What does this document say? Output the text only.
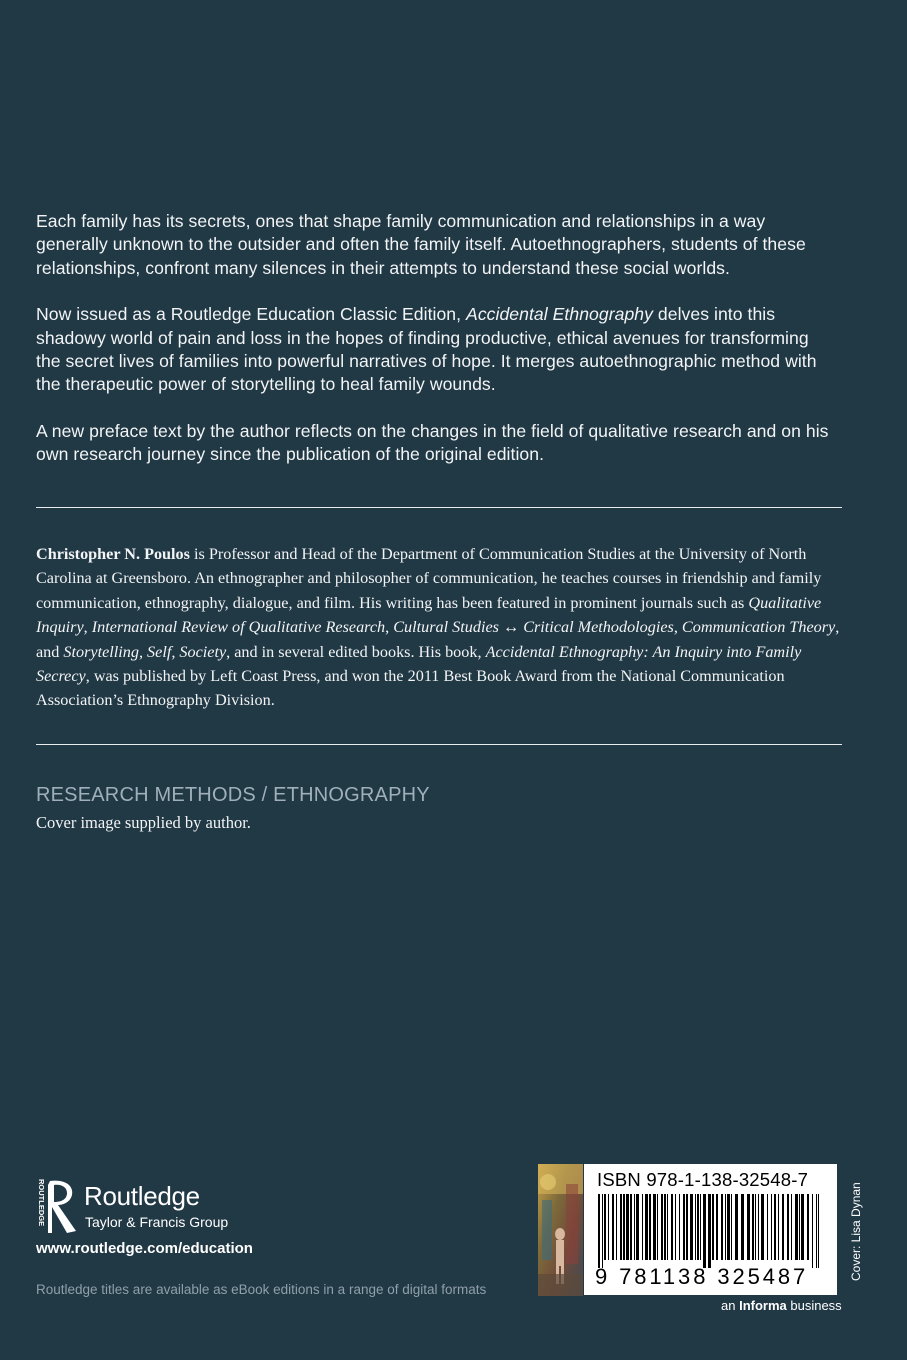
Each family has its secrets, ones that shape family communication and relationships in a way generally unknown to the outsider and often the family itself. Autoethnographers, students of these relationships, confront many silences in their attempts to understand these social worlds.

Now issued as a Routledge Education Classic Edition, Accidental Ethnography delves into this shadowy world of pain and loss in the hopes of finding productive, ethical avenues for transforming the secret lives of families into powerful narratives of hope. It merges autoethnographic method with the therapeutic power of storytelling to heal family wounds.

A new preface text by the author reflects on the changes in the field of qualitative research and on his own research journey since the publication of the original edition.

Christopher N. Poulos is Professor and Head of the Department of Communication Studies at the University of North Carolina at Greensboro. An ethnographer and philosopher of communication, he teaches courses in friendship and family communication, ethnography, dialogue, and film. His writing has been featured in prominent journals such as Qualitative Inquiry, International Review of Qualitative Research, Cultural Studies ↔ Critical Methodologies, Communication Theory, and Storytelling, Self, Society, and in several edited books. His book, Accidental Ethnography: An Inquiry into Family Secrecy, was published by Left Coast Press, and won the 2011 Best Book Award from the National Communication Association’s Ethnography Division.
RESEARCH METHODS / ETHNOGRAPHY
Cover image supplied by author.
ROUTLEDGE Routledge
Taylor & Francis Group
www.routledge.com/education
Routledge titles are available as eBook editions in a range of digital formats
ISBN 978-1-138-32548-7
9 781138 325487
an Informa business
Cover: Lisa Dynan
